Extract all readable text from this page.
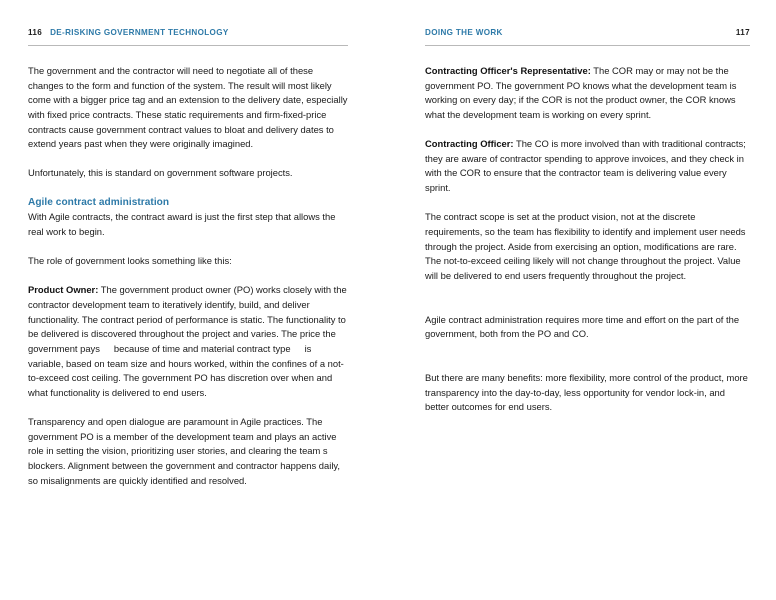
116 DE-RISKING GOVERNMENT TECHNOLOGY

The government and the contractor will need to negotiate all of these changes to the form and function of the system. The result will most likely come with a bigger price tag and an extension to the delivery date, especially with fixed price contracts. These static requirements and firm-fixed-price contracts cause government contract values to bloat and delivery dates to extend years past when they were originally imagined.

Unfortunately, this is standard on government software projects.

Agile contract administration

With Agile contracts, the contract award is just the first step that allows the real work to begin.

The role of government looks something like this:

Product Owner: The government product owner (PO) works closely with the contractor development team to iteratively identify, build, and deliver functionality. The contract period of performance is static. The functionality to be delivered is discovered throughout the project and varies. The price the government pays because of time and material contract type is variable, based on team size and hours worked, within the confines of a not-to-exceed cost ceiling. The government PO has discretion over when and what functionality is delivered to end users.

Transparency and open dialogue are paramount in Agile practices. The government PO is a member of the development team and plays an active role in setting the vision, prioritizing user stories, and clearing the team s blockers. Alignment between the government and contractor happens daily, so misalignments are quickly identified and resolved.

DOING THE WORK	117

Contracting Officer's Representative: The COR may or may not be the government PO. The government PO knows what the development team is working on every day; if the COR is not the product owner, the COR knows what the development team is working on every sprint.

Contracting Officer: The CO is more involved than with traditional contracts; they are aware of contractor spending to approve invoices, and they check in with the COR to ensure that the contractor team is delivering value every sprint.

The contract scope is set at the product vision, not at the discrete requirements, so the team has flexibility to identify and implement user needs through the project. Aside from exercising an option, modifications are rare. The not-to-exceed ceiling likely will not change throughout the project. Value will be delivered to end users frequently throughout the project.

Agile contract administration requires more time and effort on the part of the government, both from the PO and CO.

But there are many benefits: more flexibility, more control of the product, more transparency into the day-to-day, less opportunity for vendor lock-in, and better outcomes for end users.
